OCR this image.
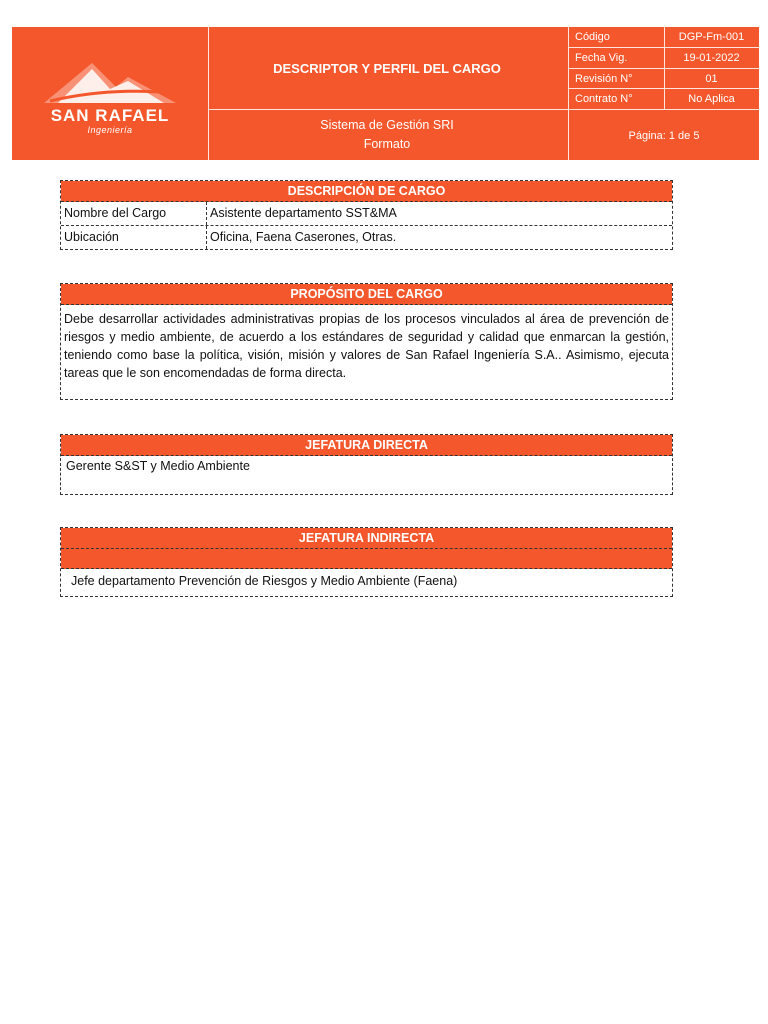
SAN RAFAEL
Ingeniería
DESCRIPTOR Y PERFIL DEL CARGO
Sistema de Gestión SRI
Formato
Código	DGP-Fm-001
Fecha Vig.	19-01-2022
Revisión N°	01
Contrato N°	No Aplica
Página: 1 de 5
DESCRIPCIÓN DE CARGO
Nombre del Cargo	Asistente departamento SST&MA
Ubicación	Oficina, Faena Caserones, Otras.
PROPÓSITO DEL CARGO
Debe desarrollar actividades administrativas propias de los procesos vinculados al área de prevención de riesgos y medio ambiente, de acuerdo a los estándares de seguridad y calidad que enmarcan la gestión, teniendo como base la política, visión, misión y valores de San Rafael Ingeniería S.A.. Asimismo, ejecuta tareas que le son encomendadas de forma directa.
JEFATURA DIRECTA
Gerente S&ST y Medio Ambiente
JEFATURA INDIRECTA
Jefe departamento Prevención de Riesgos y Medio Ambiente (Faena)
